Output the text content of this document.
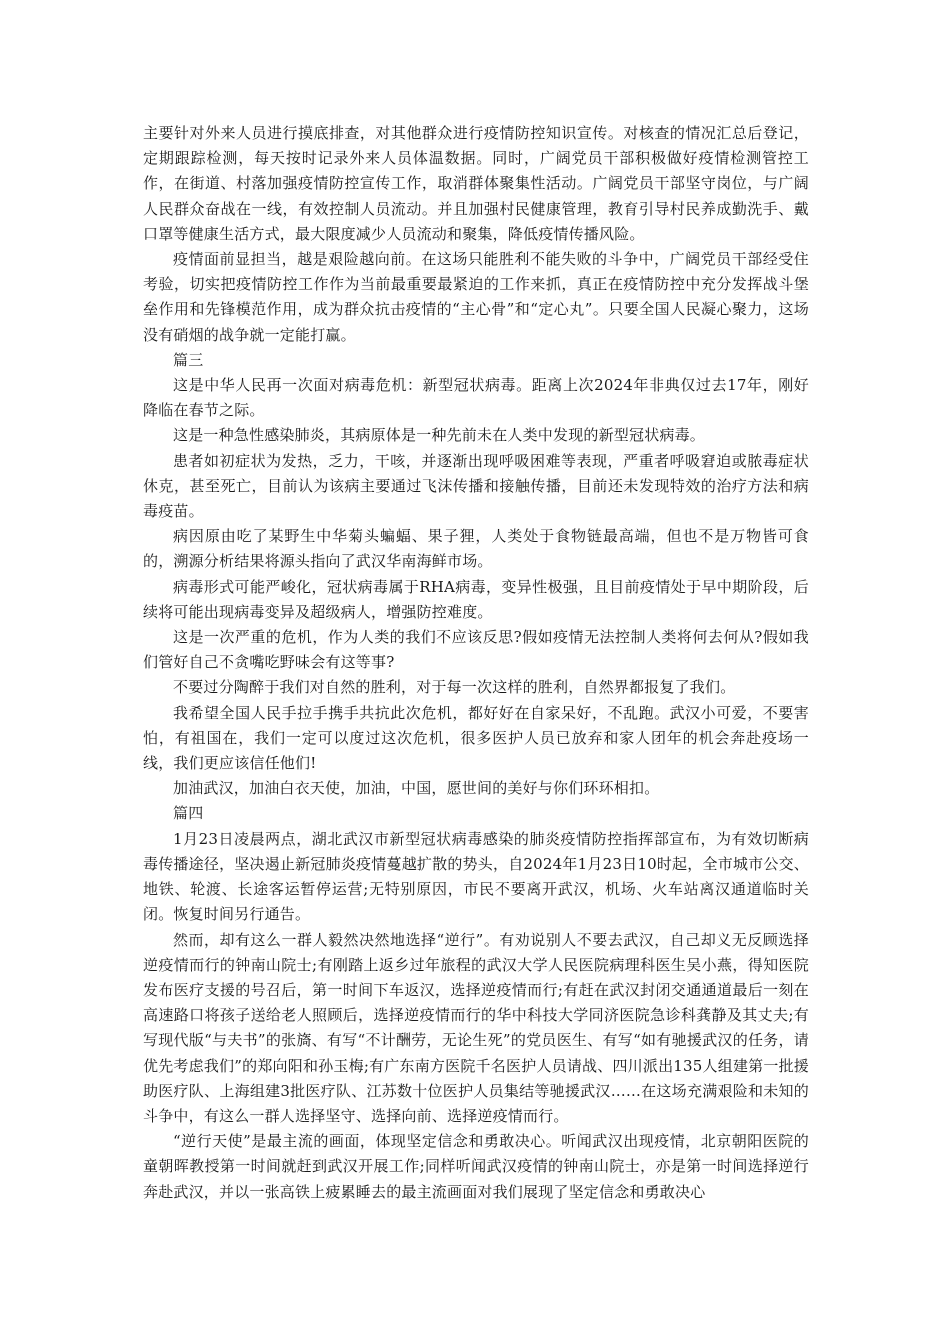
主要针对外来人员进行摸底排查，对其他群众进行疫情防控知识宣传。对核查的情况汇总后登记，定期跟踪检测，每天按时记录外来人员体温数据。同时，广阔党员干部积极做好疫情检测管控工作，在街道、村落加强疫情防控宣传工作，取消群体聚集性活动。广阔党员干部坚守岗位，与广阔人民群众奋战在一线，有效控制人员流动。并且加强村民健康管理，教育引导村民养成勤洗手、戴口罩等健康生活方式，最大限度减少人员流动和聚集，降低疫情传播风险。

疫情面前显担当，越是艰险越向前。在这场只能胜利不能失败的斗争中，广阔党员干部经受住考验，切实把疫情防控工作作为当前最重要最紧迫的工作来抓，真正在疫情防控中充分发挥战斗堡垒作用和先锋模范作用，成为群众抗击疫情的“主心骨”和“定心丸”。只要全国人民凝心聚力，这场没有硝烟的战争就一定能打赢。

篇三

这是中华人民再一次面对病毒危机：新型冠状病毒。距离上次2024年非典仅过去17年，刚好降临在春节之际。

这是一种急性感染肺炎，其病原体是一种先前未在人类中发现的新型冠状病毒。

患者如初症状为发热，乏力，干咳，并逐渐出现呼吸困难等表现，严重者呼吸窘迫或脓毒症状休克，甚至死亡，目前认为该病主要通过飞沫传播和接触传播，目前还未发现特效的治疗方法和病毒疫苗。

病因原由吃了某野生中华菊头蝙蝠、果子狸，人类处于食物链最高端，但也不是万物皆可食的，溯源分析结果将源头指向了武汉华南海鲜市场。

病毒形式可能严峻化，冠状病毒属于RHA病毒，变异性极强，且目前疫情处于早中期阶段，后续将可能出现病毒变异及超级病人，增强防控难度。

这是一次严重的危机，作为人类的我们不应该反思?假如疫情无法控制人类将何去何从?假如我们管好自己不贪嘴吃野味会有这等事?

不要过分陶醉于我们对自然的胜利，对于每一次这样的胜利，自然界都报复了我们。

我希望全国人民手拉手携手共抗此次危机，都好好在自家呆好，不乱跑。武汉小可爱，不要害怕，有祖国在，我们一定可以度过这次危机，很多医护人员已放弃和家人团年的机会奔赴疫场一线，我们更应该信任他们!

加油武汉，加油白衣天使，加油，中国，愿世间的美好与你们环环相扣。

篇四

1月23日凌晨两点，湖北武汉市新型冠状病毒感染的肺炎疫情防控指挥部宣布，为有效切断病毒传播途径，坚决遏止新冠肺炎疫情蔓越扩散的势头，自2024年1月23日10时起，全市城市公交、地铁、轮渡、长途客运暂停运营;无特别原因，市民不要离开武汉，机场、火车站离汉通道临时关闭。恢复时间另行通告。

然而，却有这么一群人毅然决然地选择“逆行”。有劝说别人不要去武汉，自己却义无反顾选择逆疫情而行的钟南山院士;有刚踏上返乡过年旅程的武汉大学人民医院病理科医生吴小燕，得知医院发布医疗支援的号召后，第一时间下车返汉，选择逆疫情而行;有赶在武汉封闭交通通道最后一刻在高速路口将孩子送给老人照顾后，选择逆疫情而行的华中科技大学同济医院急诊科龚静及其丈夫;有写现代版“与夫书”的张旖、有写“不计酬劳，无论生死”的党员医生、有写“如有驰援武汉的任务，请优先考虑我们”的郑向阳和孙玉梅;有广东南方医院千名医护人员请战、四川派出135人组建第一批援助医疗队、上海组建3批医疗队、江苏数十位医护人员集结等驰援武汉……在这场充满艰险和未知的斗争中，有这么一群人选择坚守、选择向前、选择逆疫情而行。

“逆行天使”是最主流的画面，体现坚定信念和勇敢决心。听闻武汉出现疫情，北京朝阳医院的童朝晖教授第一时间就赶到武汉开展工作;同样听闻武汉疫情的钟南山院士，亦是第一时间选择逆行奔赴武汉，并以一张高铁上疲累睡去的最主流画面对我们展现了坚定信念和勇敢决心
